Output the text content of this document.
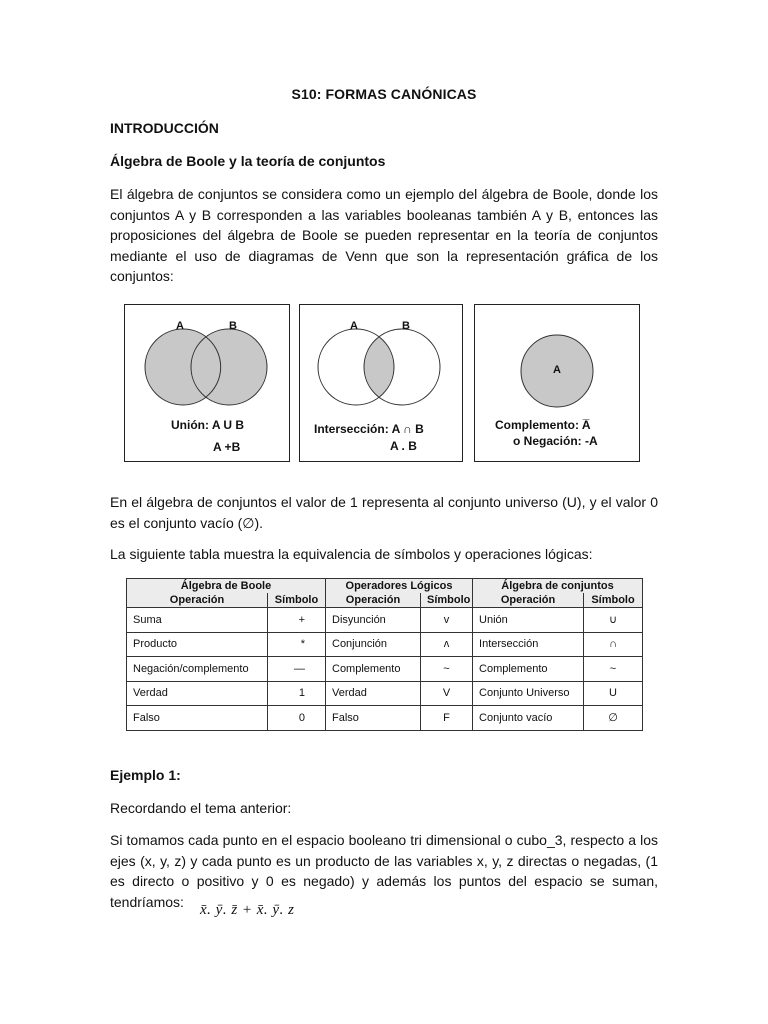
S10: FORMAS CANÓNICAS
INTRODUCCIÓN
Álgebra de Boole y la teoría de conjuntos
El álgebra de conjuntos se considera como un ejemplo del álgebra de Boole, donde los conjuntos A y B corresponden a las variables booleanas también A y B, entonces las proposiciones del álgebra de Boole se pueden representar en la teoría de conjuntos mediante el uso de diagramas de Venn que son la representación gráfica de los conjuntos:
A	B
Unión: A U B
A +B
A	B
Intersección: A ∩ B
A . B
A
Complemento: A̅
o Negación: -A
En el álgebra de conjuntos el valor de 1 representa al conjunto universo (U), y el valor 0 es el conjunto vacío (∅).
La siguiente tabla muestra la equivalencia de símbolos y operaciones lógicas:
Álgebra de Boole		Operadores Lógicos		Álgebra de conjuntos	
Operación	Símbolo	Operación	Símbolo	Operación	Símbolo
Suma	+	Disyunción	v	Unión	∪
Producto	*	Conjunción	ʌ	Intersección	∩
Negación/complemento	—	Complemento	~	Complemento	~
Verdad	1	Verdad	V	Conjunto Universo	U
Falso	0	Falso	F	Conjunto vacío	∅
Ejemplo 1:
Recordando el tema anterior:
Si tomamos cada punto en el espacio booleano tri dimensional o cubo_3, respecto a los ejes (x, y, z) y cada punto es un producto de las variables x, y, z directas o negadas, (1 es directo o positivo y 0 es negado) y además los puntos del espacio se suman, tendríamos:
x̄. ȳ. z̄ + x̄. ȳ. z
